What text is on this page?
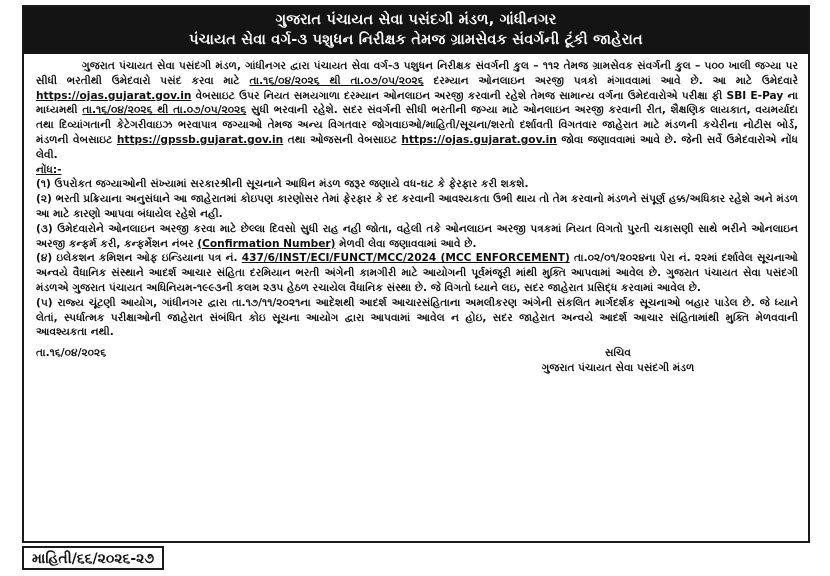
ગુજરાત પંચાયત સેવા પસંદગી મંડળ, ગાંધીનગર
પંચાયત સેવા વર્ગ-૩ પશુધન નિરીક્ષક તેમજ ગ્રામસેવક સંવર્ગની ટૂંકી જાહેરાત

ગુજરાત પંચાયત સેવા પસંદગી મંડળ, ગાંધીનગર દ્વારા પંચાયત સેવા વર્ગ-૩ પશુધન નિરીક્ષક સંવર્ગની કુલ – ૧૧૨ તેમજ ગ્રામસેવક સંવર્ગની કુલ – ૫૦૦ ખાલી જગ્યા પર સીધી ભરતીથી ઉમેદવારો પસંદ કરવા માટે તા.૧૬/૦૪/૨૦૨૬ થી તા.૦૭/૦૫/૨૦૨૬ દરમ્યાન ઓનલાઇન અરજી પત્રકો મંગાવવામાં આવે છે. આ માટે ઉમેદવારે https://ojas.gujarat.gov.in વેબસાઇટ ઉપર નિયત સમયગાળા દરમ્યાન ઓનલાઇન અરજી કરવાની રહેશે તેમજ સામાન્ય વર્ગના ઉમેદવારોએ પરીક્ષા ફી SBI E-Pay ના માધ્યમથી તા.૧૬/૦૪/૨૦૨૬ થી તા.૦૭/૦૫/૨૦૨૬ સુધી ભરવાની રહેશે. સદર સંવર્ગની સીધી ભરતીની જગ્યા માટે ઓનલાઇન અરજી કરવાની રીત, શૈક્ષણિક લાયકાત, વયમર્યાદા તથા દિવ્યાંગતાની કેટેગરીવાઇઝ ભરવાપાત્ર જગ્યાઓ તેમજ અન્ય વિગતવાર જોગવાઇઓ/માહિતી/સૂચના/શરતો દર્શાવતી વિગતવાર જાહેરાત માટે મંડળની કચેરીના નોટીસ બોર્ડ, મંડળની વેબસાઇટ https://gpssb.gujarat.gov.in તથા ઓજસની વેબસાઇટ https://ojas.gujarat.gov.in જોવા જણાવવામાં આવે છે. જેની સર્વે ઉમેદવારોએ નોંધ લેવી.

નોંધ:-

(૧) ઉપરોકત જગ્યાઓની સંખ્યામાં સરકારશ્રીની સૂચનાને આધિન મંડળ જરૂર જણાયે વધ-ઘટ કે ફેરફાર કરી શકશે.

(૨) ભરતી પ્રક્રિયાના અનુસંધાને આ જાહેરાતમાં કોઇપણ કારણોસર તેમાં ફેરફાર કે રદ કરવાની આવશ્યકતા ઉભી થાય તો તેમ કરવાનો મંડળને સંપૂર્ણ હક્ક/અધિકાર રહેશે અને મંડળ આ માટે કારણો આપવા બંધાયેલ રહેશે નહી.

(૩) ઉમેદવારોને ઓનલાઇન અરજી કરવા માટે છેલ્લા દિવસો સુધી રાહ નહી જોતા, વહેલી તકે ઓનલાઇન અરજી પત્રકમાં નિયત વિગતો પુરતી ચકાસણી સાથે ભરીને ઓનલાઇન અરજી કન્ફર્મ કરી, કન્ફર્મેશન નંબર (Confirmation Number) મેળવી લેવા જણાવવામાં આવે છે.

(૪) ઇલેકશન કમિશન ઓફ ઇન્ડિયાના પત્ર નં. 437/6/INST/ECI/FUNCT/MCC/2024 (MCC ENFORCEMENT) તા.૦૨/૦૧/૨૦૨૪ના પેરા નં. ૨૨માં દર્શાવેલ સૂચનાઓ અન્વયે વૈધાનિક સંસ્થાને આદર્શ આચાર સંહિતા દરમિયાન ભરતી અંગેની કામગીરી માટે આયોગની પૂર્વમંજૂરી માંથી મુક્તિ આપવામાં આવેલ છે. ગુજરાત પંચાયત સેવા પસંદગી મંડળએ ગુજરાત પંચાયત અધિનિયમ-૧૯૯૩ની કલમ ૨૩૫ હેઠળ રચાયેલ વૈધાનિક સંસ્થા છે. જે વિગતો ધ્યાને લઇ, સદર જાહેરાત પ્રસિદ્ધ કરવામાં આવેલ છે.

(૫) રાજ્ય ચૂંટણી આયોગ, ગાંધીનગર દ્વારા તા.૧૭/૧૧/૨૦૨૧ના આદેશથી આદર્શ આચારસંહિતાના અમલીકરણ અંગેની સંકલિત માર્ગદર્શક સૂચનાઓ બહાર પાડેલ છે. જે ધ્યાને લેતાં, સ્પર્ધાત્મક પરીક્ષાઓની જાહેરાત સંબંધિત કોઇ સૂચના આયોગ દ્વારા આપવામાં આવેલ ન હોઇ, સદર જાહેરાત અન્વયે આદર્શ આચાર સંહિતામાંથી મુક્તિ મેળવવાની આવશ્યકતા નથી.

તા.૧૬/૦૪/૨૦૨૬	સચિવ
ગુજરાત પંચાયત સેવા પસંદગી મંડળ
માહિતી/૬૬/૨૦૨૬-૨૭
